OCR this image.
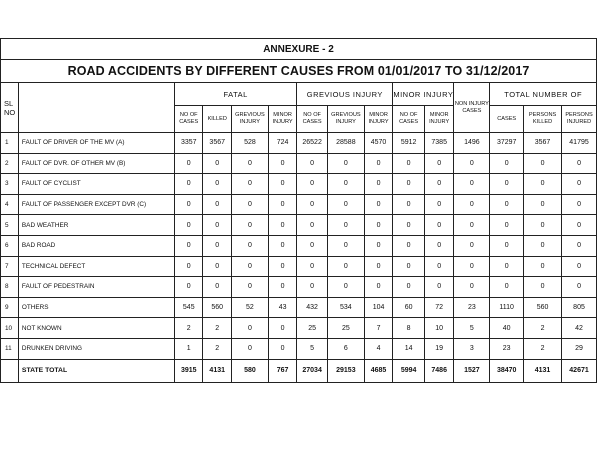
ANNEXURE - 2														
ROAD ACCIDENTS BY DIFFERENT CAUSES FROM 01/01/2017 TO 31/12/2017														
SL NO		FATAL				GREVIOUS INJURY			MINOR INJURY		NON INJURY CASES	TOTAL NUMBER OF		
		NO OF CASES	KILLED	GREVIOUS INJURY	MINOR INJURY	NO OF CASES	GREVIOUS INJURY	MINOR INJURY	NO OF CASES	MINOR INJURY		CASES	PERSONS KILLED	PERSONS INJURED
1	FAULT OF DRIVER OF THE MV (A)	3357	3567	528	724	26522	28588	4570	5912	7385	1496	37297	3567	41795
2	FAULT OF DVR. OF OTHER MV (B)	0	0	0	0	0	0	0	0	0	0	0	0	0
3	FAULT OF CYCLIST	0	0	0	0	0	0	0	0	0	0	0	0	0
4	FAULT OF PASSENGER EXCEPT DVR (C)	0	0	0	0	0	0	0	0	0	0	0	0	0
5	BAD WEATHER	0	0	0	0	0	0	0	0	0	0	0	0	0
6	BAD ROAD	0	0	0	0	0	0	0	0	0	0	0	0	0
7	TECHNICAL DEFECT	0	0	0	0	0	0	0	0	0	0	0	0	0
8	FAULT OF PEDESTRAIN	0	0	0	0	0	0	0	0	0	0	0	0	0
9	OTHERS	545	560	52	43	432	534	104	60	72	23	1110	560	805
10	NOT KNOWN	2	2	0	0	25	25	7	8	10	5	40	2	42
11	DRUNKEN DRIVING	1	2	0	0	5	6	4	14	19	3	23	2	29
	STATE TOTAL	3915	4131	580	767	27034	29153	4685	5994	7486	1527	38470	4131	42671
